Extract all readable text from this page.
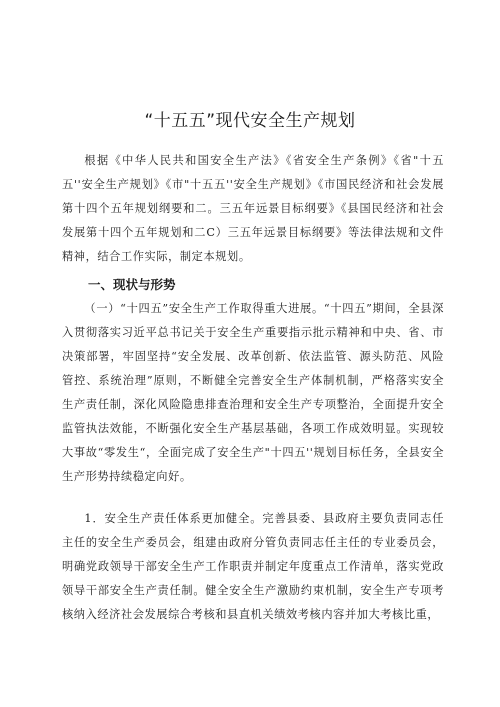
“十五五”现代安全生产规划

根据《中华人民共和国安全生产法》《省安全生产条例》《省"十五五''安全生产规划》《市"十五五''安全生产规划》《市国民经济和社会发展第十四个五年规划纲要和二。三五年远景目标纲要》《县国民经济和社会发展第十四个五年规划和二C）三五年远景目标纲要》等法律法规和文件精神，结合工作实际，制定本规划。

一、现状与形势

（一）“十四五”安全生产工作取得重大进展。“十四五”期间，全县深入贯彻落实习近平总书记关于安全生产重要指示批示精神和中央、省、市决策部署，牢固坚持“安全发展、改革创新、依法监管、源头防范、风险管控、系统治理”原则，不断健全完善安全生产体制机制，严格落实安全生产责任制，深化风险隐患排查治理和安全生产专项整治，全面提升安全监管执法效能，不断强化安全生产基层基础，各项工作成效明显。实现较大事故“零发生“，全面完成了安全生产"十四五''规划目标任务，全县安全生产形势持续稳定向好。

1．安全生产责任体系更加健全。完善县委、县政府主要负责同志任主任的安全生产委员会，组建由政府分管负责同志任主任的专业委员会，明确党政领导干部安全生产工作职责并制定年度重点工作清单，落实党政领导干部安全生产责任制。健全安全生产激励约束机制，安全生产专项考核纳入经济社会发展综合考核和县直机关绩效考核内容并加大考核比重，
